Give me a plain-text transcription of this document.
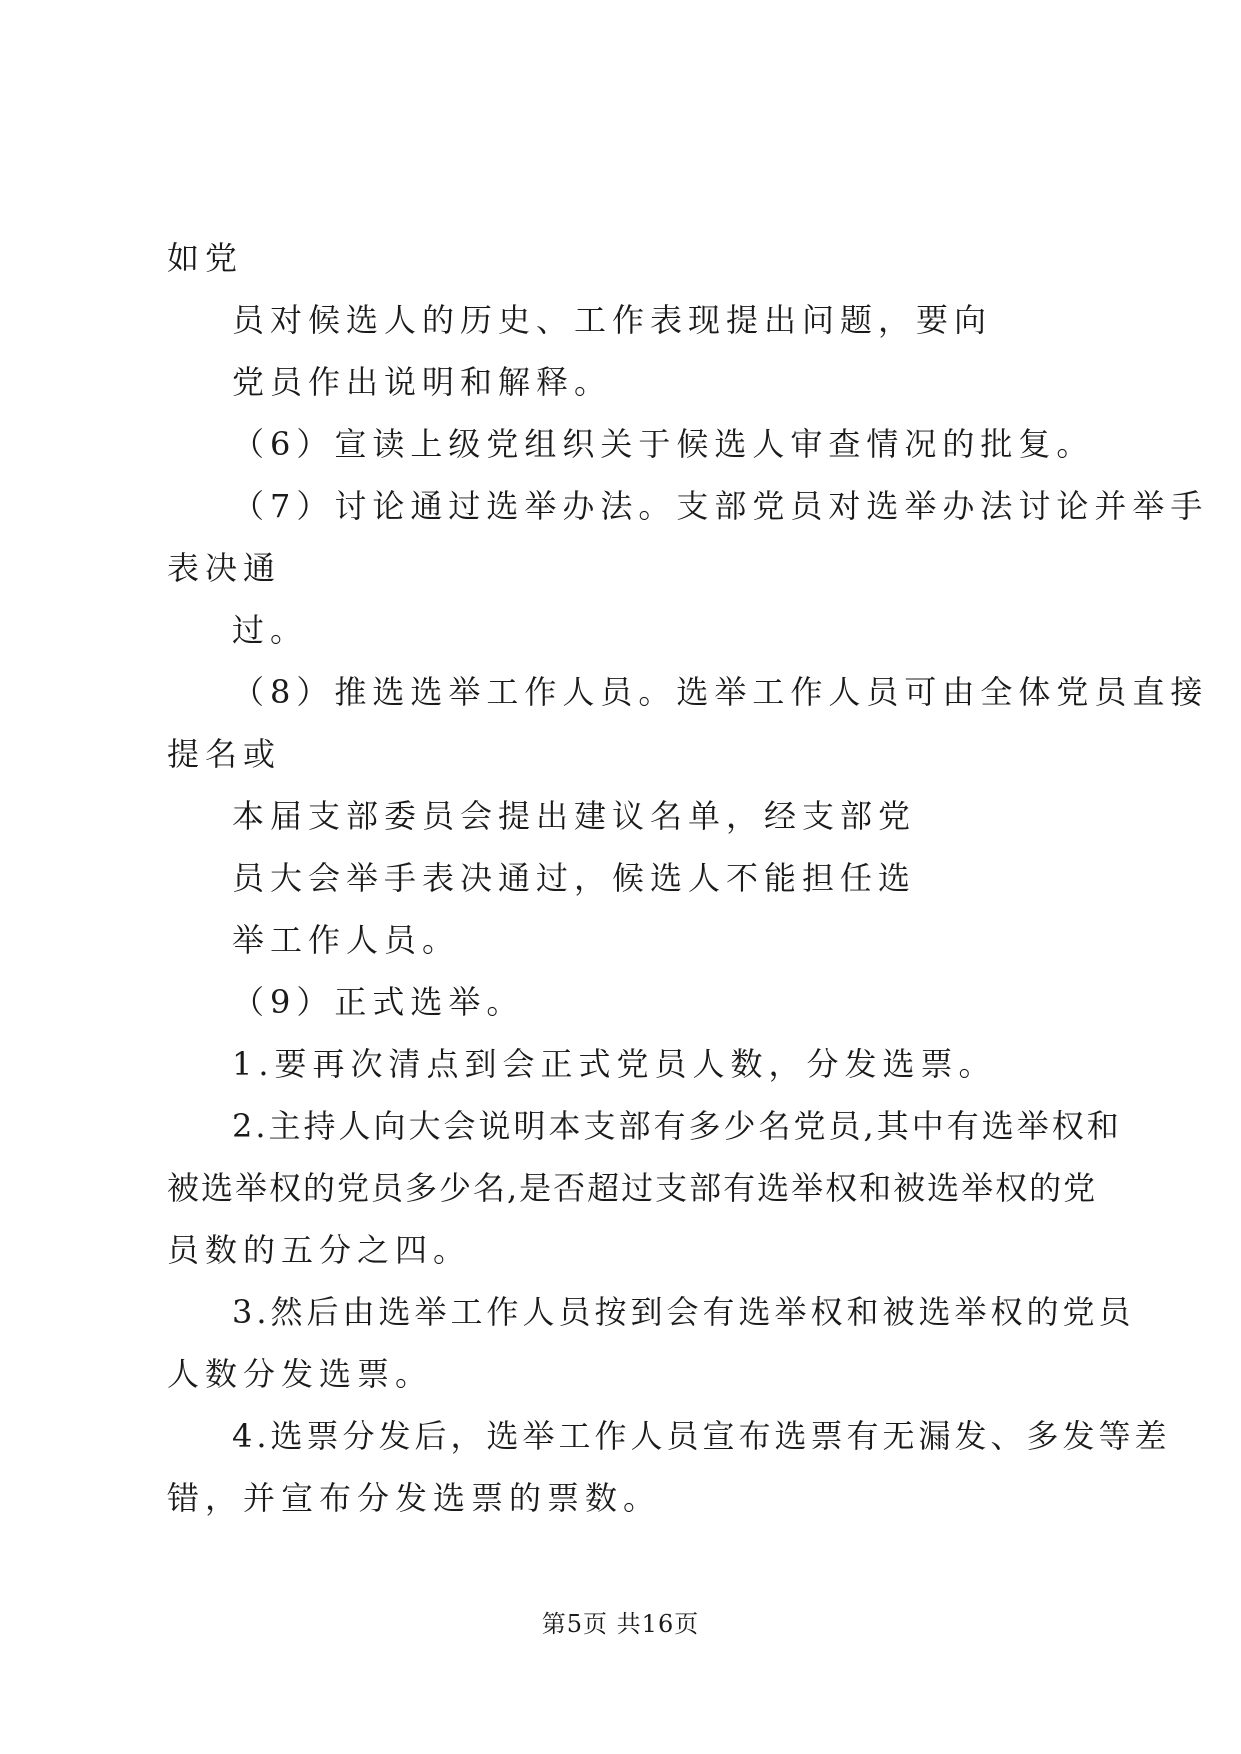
如党
员对候选人的历史、工作表现提出问题，要向
党员作出说明和解释。
（6）宣读上级党组织关于候选人审查情况的批复。
（7）讨论通过选举办法。支部党员对选举办法讨论并举手
表决通
过。
（8）推选选举工作人员。选举工作人员可由全体党员直接
提名或
本届支部委员会提出建议名单，经支部党
员大会举手表决通过，候选人不能担任选
举工作人员。
（9）正式选举。
1.要再次清点到会正式党员人数，分发选票。
2.主持人向大会说明本支部有多少名党员,其中有选举权和
被选举权的党员多少名,是否超过支部有选举权和被选举权的党
员数的五分之四。
3.然后由选举工作人员按到会有选举权和被选举权的党员
人数分发选票。
4.选票分发后，选举工作人员宣布选票有无漏发、多发等差
错，并宣布分发选票的票数。
第5页 共16页
